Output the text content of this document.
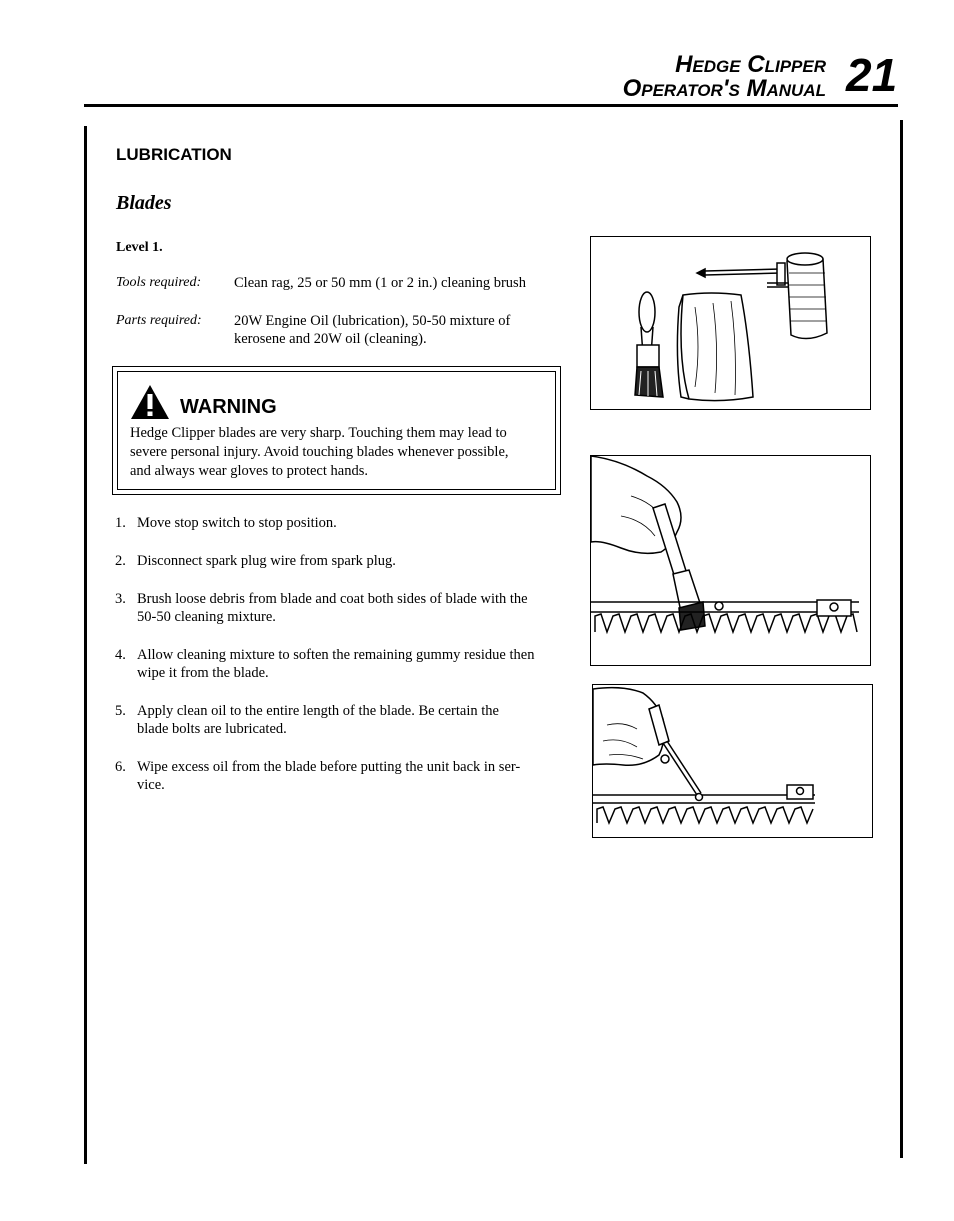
Hedge Clipper
Operator's Manual 21
LUBRICATION
Blades
Level 1.
Tools required: Clean rag, 25 or 50 mm (1 or 2 in.) cleaning brush
Parts required: 20W Engine Oil (lubrication), 50-50 mixture of
kerosene and 20W oil (cleaning).
WARNING
Hedge Clipper blades are very sharp. Touching them may lead to
severe personal injury. Avoid touching blades whenever possible,
and always wear gloves to protect hands.
1. Move stop switch to stop position.
2. Disconnect spark plug wire from spark plug.
3. Brush loose debris from blade and coat both sides of blade with the
50-50 cleaning mixture.
4. Allow cleaning mixture to soften the remaining gummy residue then
wipe it from the blade.
5. Apply clean oil to the entire length of the blade. Be certain the
blade bolts are lubricated.
6. Wipe excess oil from the blade before putting the unit back in ser-
vice.
